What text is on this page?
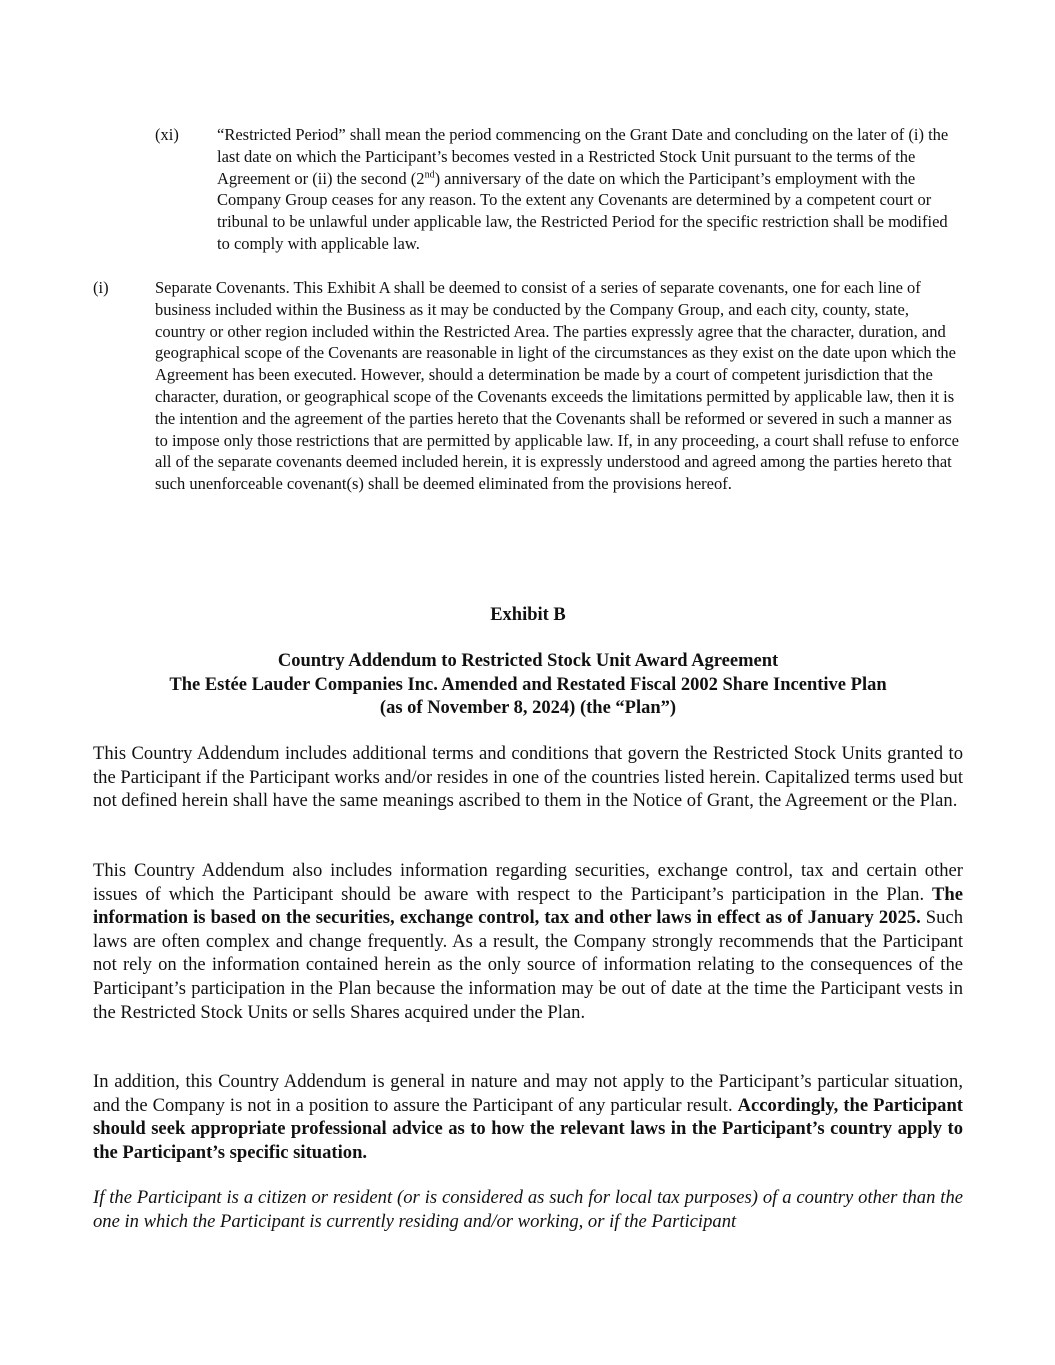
(xi) “Restricted Period” shall mean the period commencing on the Grant Date and concluding on the later of (i) the last date on which the Participant’s becomes vested in a Restricted Stock Unit pursuant to the terms of the Agreement or (ii) the second (2nd) anniversary of the date on which the Participant’s employment with the Company Group ceases for any reason. To the extent any Covenants are determined by a competent court or tribunal to be unlawful under applicable law, the Restricted Period for the specific restriction shall be modified to comply with applicable law.
(i)	Separate Covenants. This Exhibit A shall be deemed to consist of a series of separate covenants, one for each line of business included within the Business as it may be conducted by the Company Group, and each city, county, state, country or other region included within the Restricted Area. The parties expressly agree that the character, duration, and geographical scope of the Covenants are reasonable in light of the circumstances as they exist on the date upon which the Agreement has been executed. However, should a determination be made by a court of competent jurisdiction that the character, duration, or geographical scope of the Covenants exceeds the limitations permitted by applicable law, then it is the intention and the agreement of the parties hereto that the Covenants shall be reformed or severed in such a manner as to impose only those restrictions that are permitted by applicable law. If, in any proceeding, a court shall refuse to enforce all of the separate covenants deemed included herein, it is expressly understood and agreed among the parties hereto that such unenforceable covenant(s) shall be deemed eliminated from the provisions hereof.
Exhibit B
Country Addendum to Restricted Stock Unit Award Agreement
The Estée Lauder Companies Inc. Amended and Restated Fiscal 2002 Share Incentive Plan
(as of November 8, 2024) (the “Plan”)
This Country Addendum includes additional terms and conditions that govern the Restricted Stock Units granted to the Participant if the Participant works and/or resides in one of the countries listed herein. Capitalized terms used but not defined herein shall have the same meanings ascribed to them in the Notice of Grant, the Agreement or the Plan.
This Country Addendum also includes information regarding securities, exchange control, tax and certain other issues of which the Participant should be aware with respect to the Participant’s participation in the Plan. The information is based on the securities, exchange control, tax and other laws in effect as of January 2025. Such laws are often complex and change frequently. As a result, the Company strongly recommends that the Participant not rely on the information contained herein as the only source of information relating to the consequences of the Participant’s participation in the Plan because the information may be out of date at the time the Participant vests in the Restricted Stock Units or sells Shares acquired under the Plan.
In addition, this Country Addendum is general in nature and may not apply to the Participant’s particular situation, and the Company is not in a position to assure the Participant of any particular result. Accordingly, the Participant should seek appropriate professional advice as to how the relevant laws in the Participant’s country apply to the Participant’s specific situation.
If the Participant is a citizen or resident (or is considered as such for local tax purposes) of a country other than the one in which the Participant is currently residing and/or working, or if the Participant
